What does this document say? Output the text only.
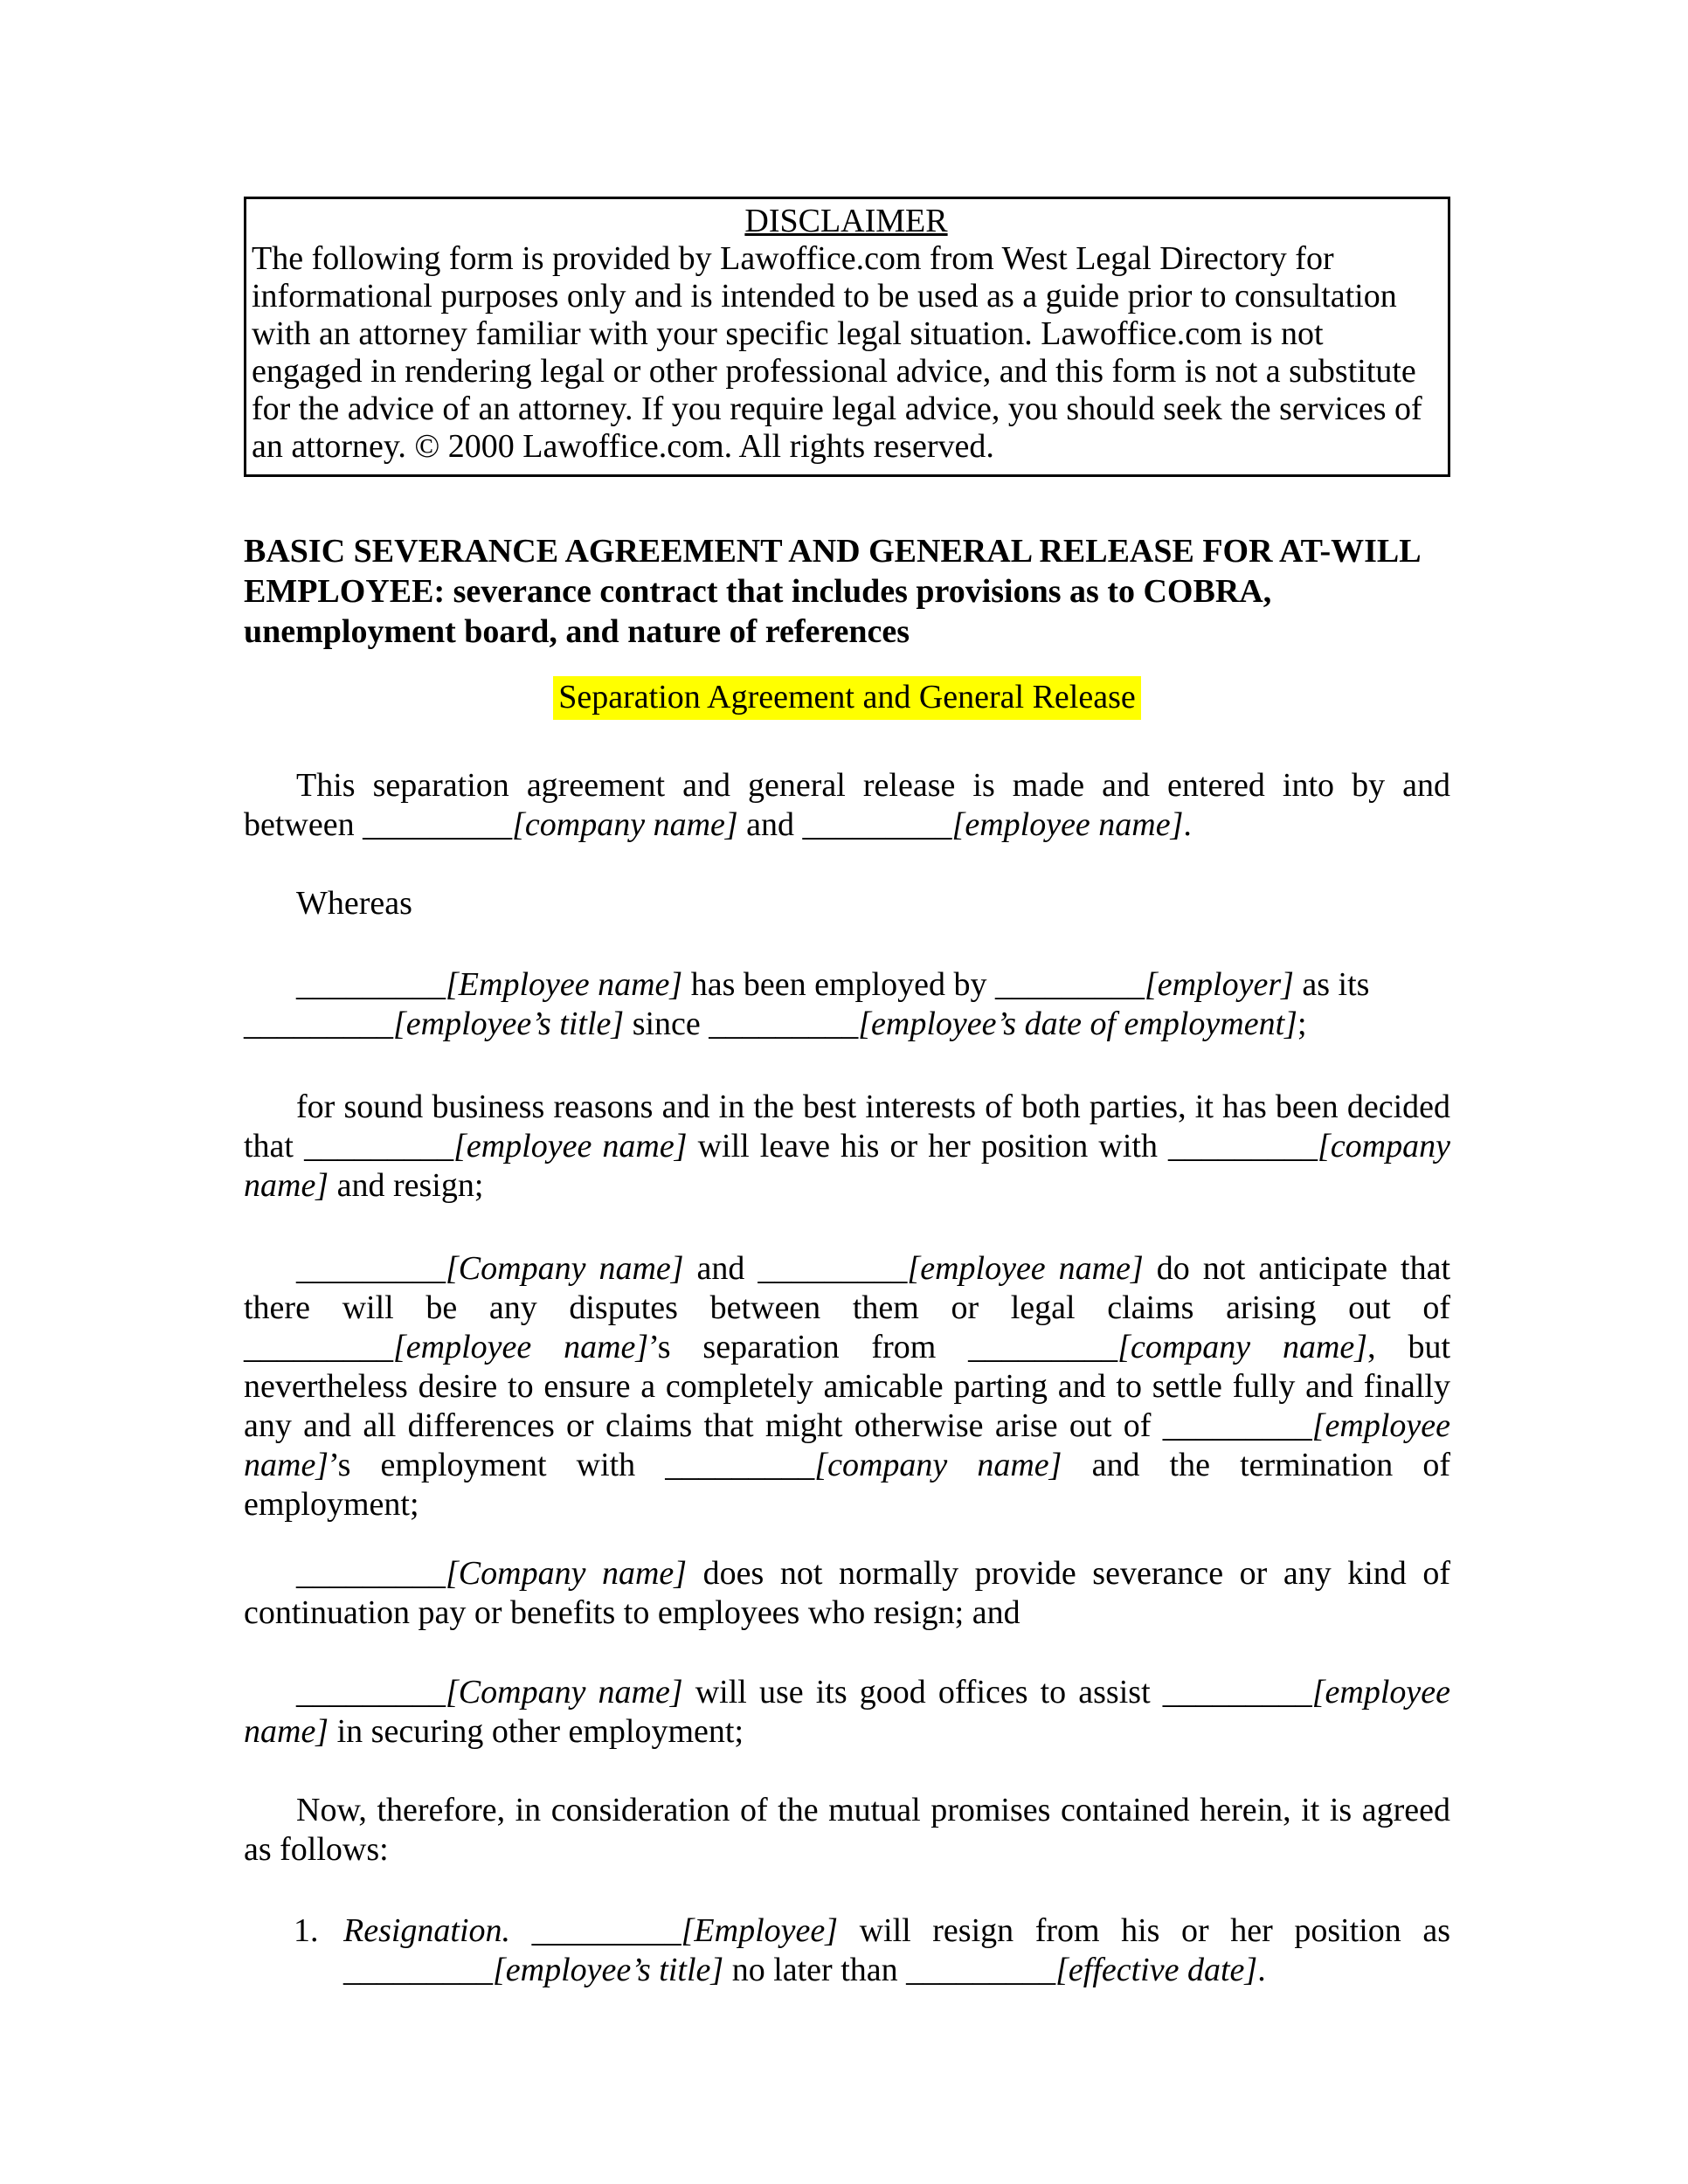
DISCLAIMER
The following form is provided by Lawoffice.com from West Legal Directory for informational purposes only and is intended to be used as a guide prior to consultation with an attorney familiar with your specific legal situation. Lawoffice.com is not engaged in rendering legal or other professional advice, and this form is not a substitute for the advice of an attorney. If you require legal advice, you should seek the services of an attorney. © 2000 Lawoffice.com. All rights reserved.
BASIC SEVERANCE AGREEMENT AND GENERAL RELEASE FOR AT-WILL EMPLOYEE: severance contract that includes provisions as to COBRA, unemployment board, and nature of references
Separation Agreement and General Release
This separation agreement and general release is made and entered into by and between _________[company name] and _________[employee name].
Whereas
_________[Employee name] has been employed by _________[employer] as its _________[employee’s title] since _________[employee’s date of employment];
for sound business reasons and in the best interests of both parties, it has been decided that _________[employee name] will leave his or her position with _________[company name] and resign;
_________[Company name] and _________[employee name] do not anticipate that there will be any disputes between them or legal claims arising out of _________[employee name]’s separation from _________[company name], but nevertheless desire to ensure a completely amicable parting and to settle fully and finally any and all differences or claims that might otherwise arise out of _________[employee name]’s employment with _________[company name] and the termination of employment;
_________[Company name] does not normally provide severance or any kind of continuation pay or benefits to employees who resign; and
_________[Company name] will use its good offices to assist _________[employee name] in securing other employment;
Now, therefore, in consideration of the mutual promises contained herein, it is agreed as follows:
1. Resignation. _________[Employee] will resign from his or her position as _________[employee’s title] no later than _________[effective date].
